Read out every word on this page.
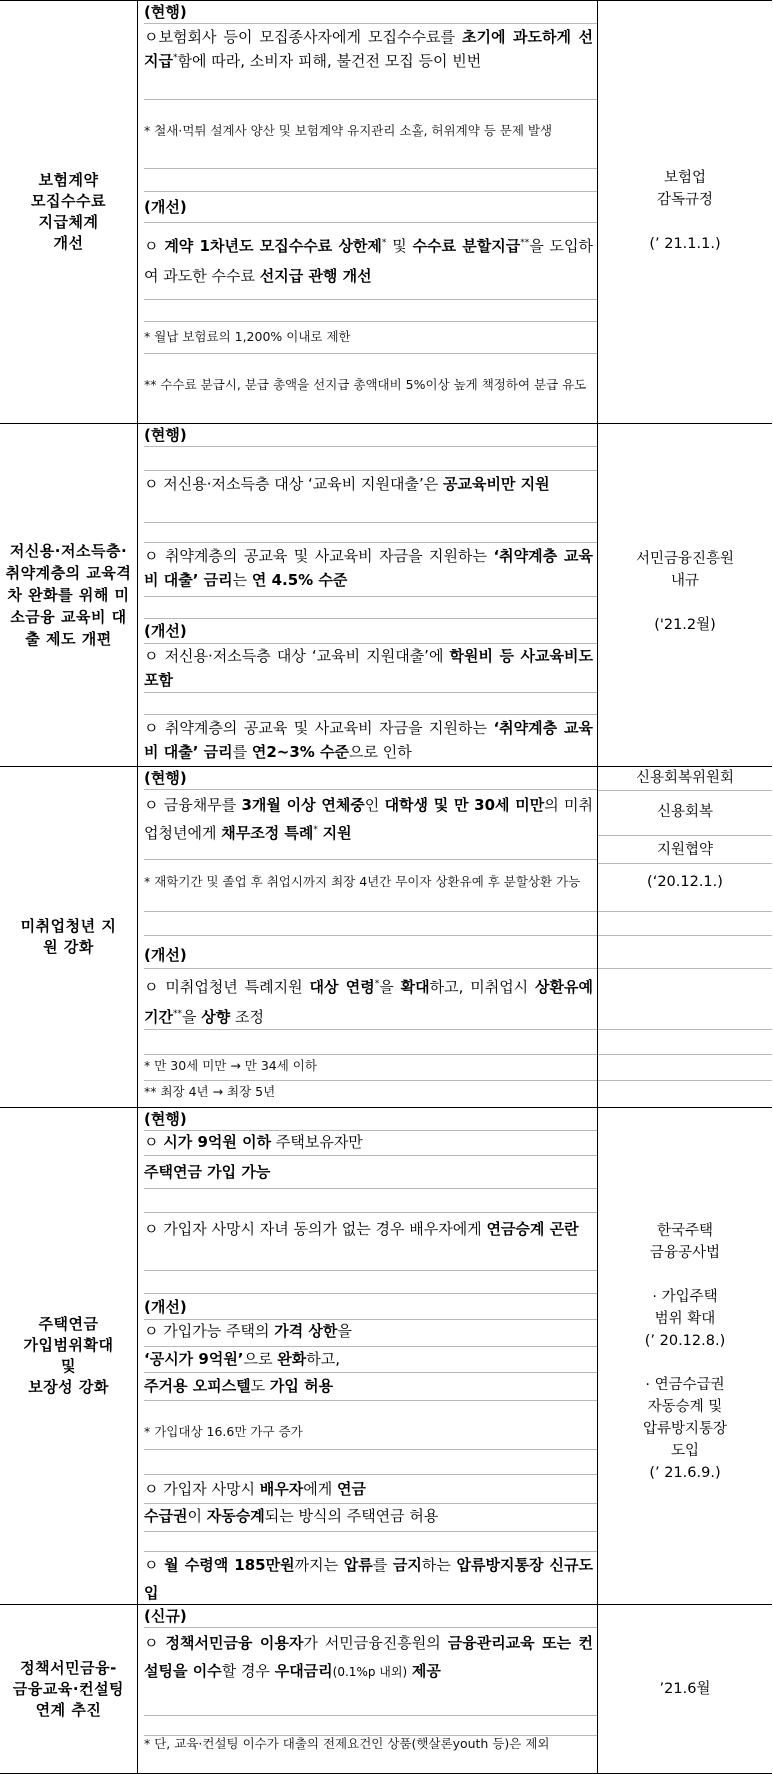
보험계약
모집수수료
지급체계
개선
(현행)
ㅇ보험회사 등이 모집종사자에게 모집수수료를 초기에 과도하게 선지급*함에 따라, 소비자 피해, 불건전 모집 등이 빈번
* 철새·먹튀 설계사 양산 및 보험계약 유지관리 소홀, 허위계약 등 문제 발생
(개선)
ㅇ 계약 1차년도 모집수수료 상한제* 및 수수료 분할지급**을 도입하여 과도한 수수료 선지급 관행 개선
* 월납 보험료의 1,200% 이내로 제한
** 수수료 분급시, 분급 총액을 선지급 총액대비 5%이상 높게 책정하여 분급 유도
보험업
감독규정
(’ 21.1.1.)
저신용·저소득층·
취약계층의 교육격차 완화를 위해 미소금융 교육비 대출 제도 개편
(현행)
ㅇ 저신용·저소득층 대상 ‘교육비 지원대출’은 공교육비만 지원
ㅇ 취약계층의 공교육 및 사교육비 자금을 지원하는 ‘취약계층 교육비 대출’ 금리는 연 4.5% 수준
(개선)
ㅇ 저신용·저소득층 대상 ‘교육비 지원대출’에 학원비 등 사교육비도 포함
ㅇ 취약계층의 공교육 및 사교육비 자금을 지원하는 ‘취약계층 교육비 대출’ 금리를 연2~3% 수준으로 인하
서민금융진흥원
내규
('21.2월)
미취업청년 지원 강화
(현행)
ㅇ 금융채무를 3개월 이상 연체중인 대학생 및 만 30세 미만의 미취업청년에게 채무조정 특례* 지원
* 재학기간 및 졸업 후 취업시까지 최장 4년간 무이자 상환유예 후 분할상환 가능
(개선)
ㅇ 미취업청년 특례지원 대상 연령*을 확대하고, 미취업시 상환유예 기간**을 상향 조정
* 만 30세 미만 → 만 34세 이하
** 최장 4년 → 최장 5년
신용회복위원회
신용회복
지원협약
(‘20.12.1.)
주택연금
가입범위확대
및
보장성 강화
(현행)
ㅇ 시가 9억원 이하 주택보유자만
주택연금 가입 가능
ㅇ 가입자 사망시 자녀 동의가 없는 경우 배우자에게 연금승계 곤란
(개선)
ㅇ 가입가능 주택의 가격 상한을
‘공시가 9억원’으로 완화하고,
주거용 오피스텔도 가입 허용
* 가입대상 16.6만 가구 증가
ㅇ 가입자 사망시 배우자에게 연금
수급권이 자동승계되는 방식의 주택연금 허용
ㅇ 월 수령액 185만원까지는 압류를 금지하는 압류방지통장 신규도입
한국주택
금융공사법
· 가입주택
범위 확대
(’ 20.12.8.)
· 연금수급권
자동승계 및
압류방지통장
도입
(’ 21.6.9.)
정책서민금융-
금융교육·컨설팅 연계 추진
(신규)
ㅇ 정책서민금융 이용자가 서민금융진흥원의 금융관리교육 또는 컨설팅을 이수할 경우 우대금리(0.1%p 내외) 제공
* 단, 교육·컨설팅 이수가 대출의 전제요건인 상품(햇살론youth 등)은 제외
’21.6월
